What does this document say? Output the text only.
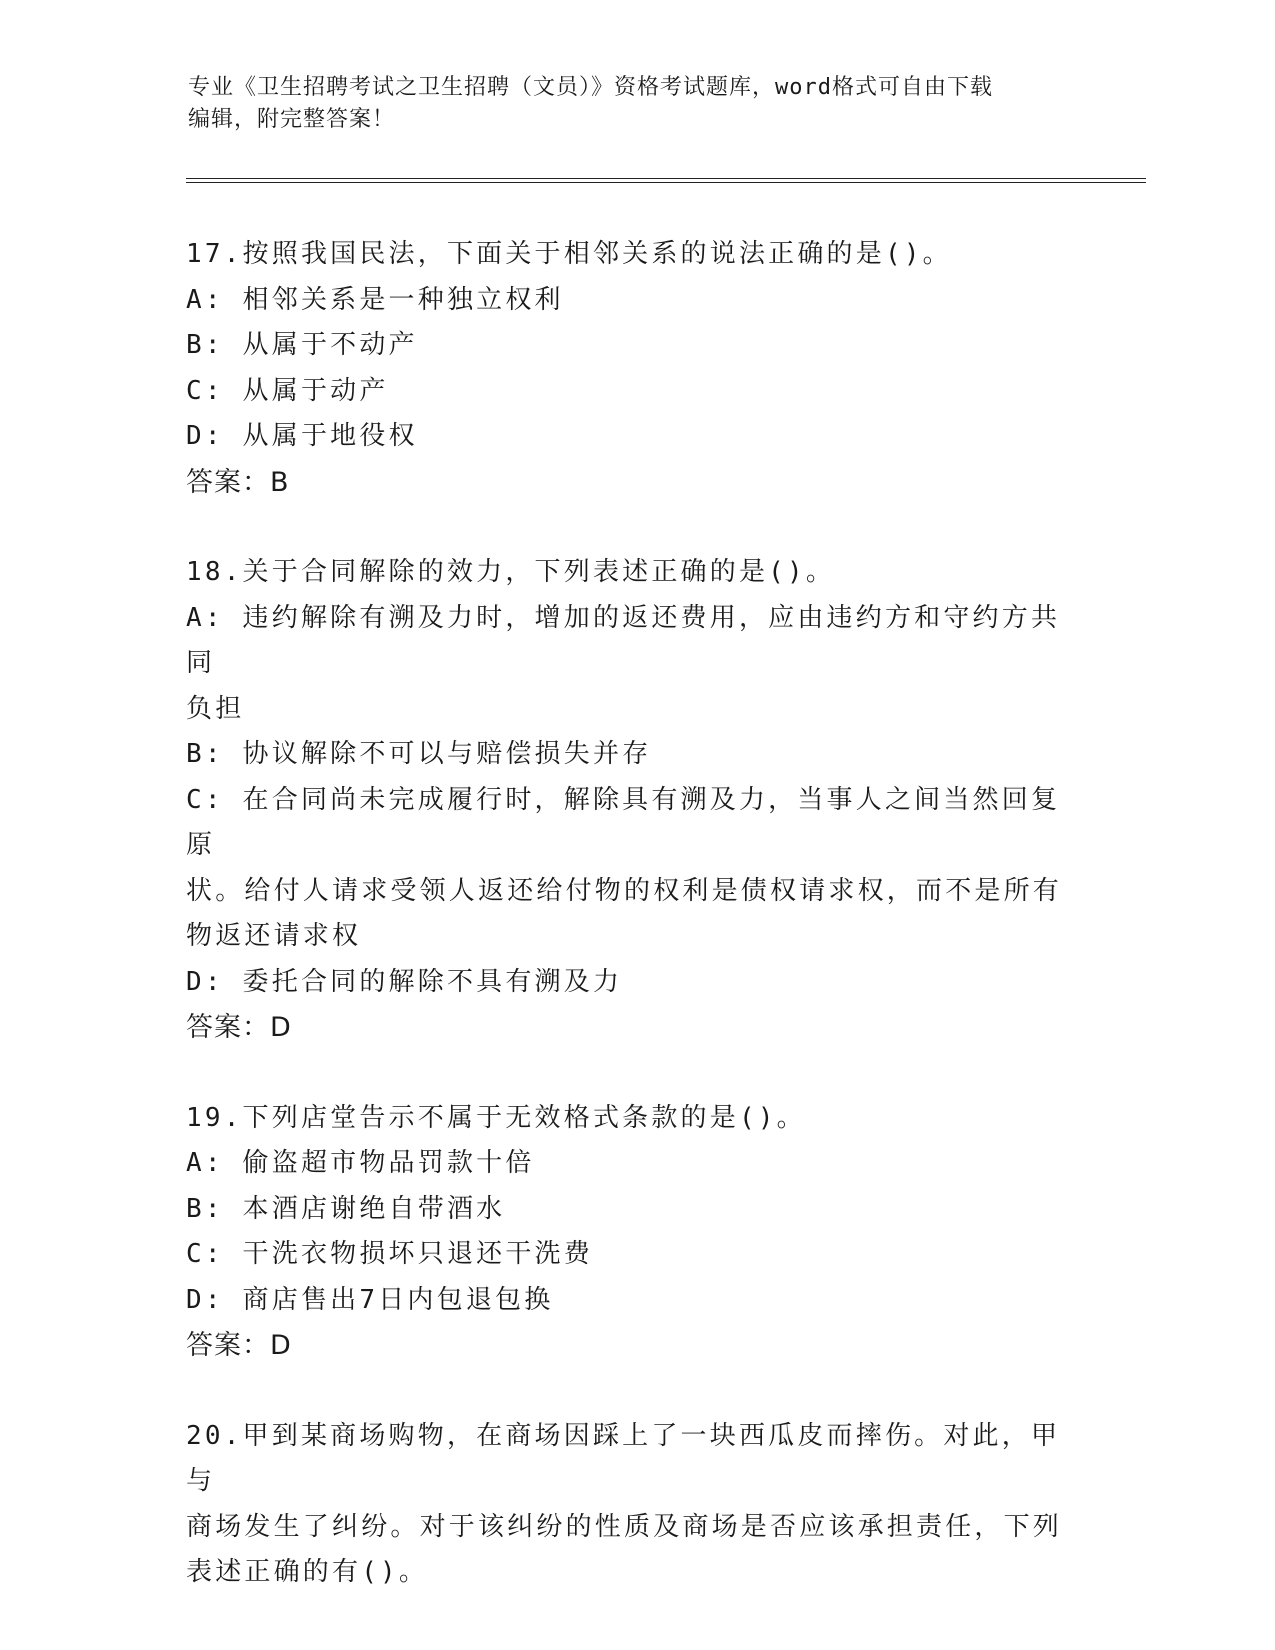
专业《卫生招聘考试之卫生招聘（文员）》资格考试题库，word格式可自由下载
编辑，附完整答案！
17.按照我国民法，下面关于相邻关系的说法正确的是()。
A: 相邻关系是一种独立权利
B: 从属于不动产
C: 从属于动产
D: 从属于地役权
答案：B
18.关于合同解除的效力，下列表述正确的是()。
A: 违约解除有溯及力时，增加的返还费用，应由违约方和守约方共同
负担
B: 协议解除不可以与赔偿损失并存
C: 在合同尚未完成履行时，解除具有溯及力，当事人之间当然回复原
状。给付人请求受领人返还给付物的权利是债权请求权，而不是所有
物返还请求权
D: 委托合同的解除不具有溯及力
答案：D
19.下列店堂告示不属于无效格式条款的是()。
A: 偷盗超市物品罚款十倍
B: 本酒店谢绝自带酒水
C: 干洗衣物损坏只退还干洗费
D: 商店售出7日内包退包换
答案：D
20.甲到某商场购物，在商场因踩上了一块西瓜皮而摔伤。对此，甲与
商场发生了纠纷。对于该纠纷的性质及商场是否应该承担责任，下列
表述正确的有()。
